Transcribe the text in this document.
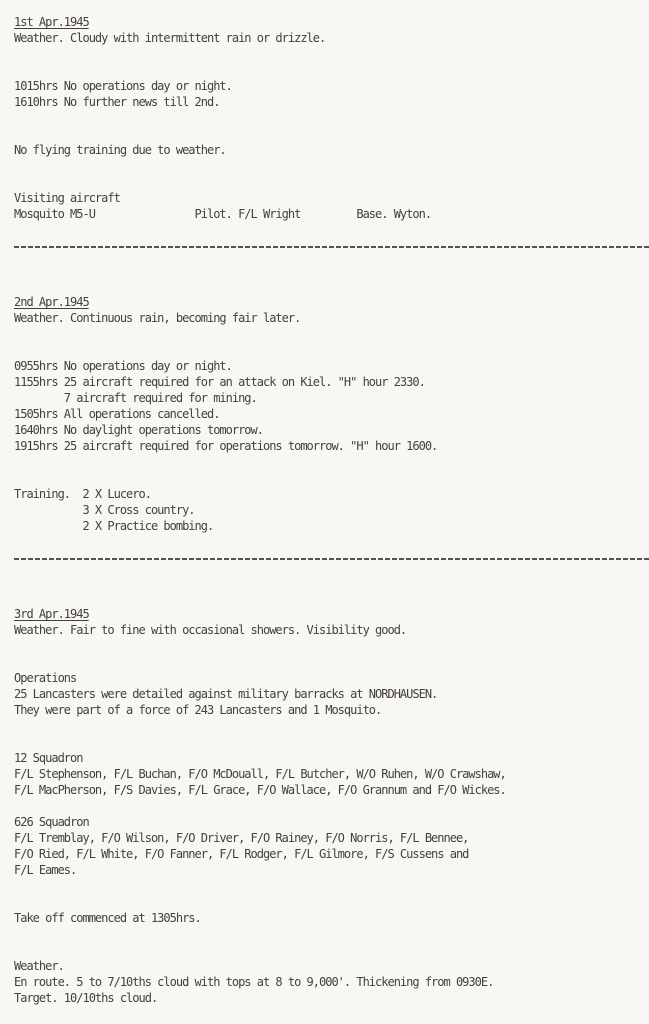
1st Apr.1945
Weather. Cloudy with intermittent rain or drizzle.

1015hrs No operations day or night.
1610hrs No further news till 2nd.

No flying training due to weather.

Visiting aircraft
Mosquito M5-U                Pilot. F/L Wright         Base. Wyton.

2nd Apr.1945
Weather. Continuous rain, becoming fair later.

0955hrs No operations day or night.
1155hrs 25 aircraft required for an attack on Kiel. "H" hour 2330.
7 aircraft required for mining.
1505hrs All operations cancelled.
1640hrs No daylight operations tomorrow.
1915hrs 25 aircraft required for operations tomorrow. "H" hour 1600.

Training.  2 X Lucero.
3 X Cross country.
2 X Practice bombing.

3rd Apr.1945
Weather. Fair to fine with occasional showers. Visibility good.

Operations
25 Lancasters were detailed against military barracks at NORDHAUSEN.
They were part of a force of 243 Lancasters and 1 Mosquito.

12 Squadron
F/L Stephenson, F/L Buchan, F/O McDouall, F/L Butcher, W/O Ruhen, W/O Crawshaw,
F/L MacPherson, F/S Davies, F/L Grace, F/O Wallace, F/O Grannum and F/O Wickes.

626 Squadron
F/L Tremblay, F/O Wilson, F/O Driver, F/O Rainey, F/O Norris, F/L Bennee,
F/O Ried, F/L White, F/O Fanner, F/L Rodger, F/L Gilmore, F/S Cussens and
F/L Eames.

Take off commenced at 1305hrs.

Weather.
En route. 5 to 7/10ths cloud with tops at 8 to 9,000'. Thickening from 0930E.
Target. 10/10ths cloud.
